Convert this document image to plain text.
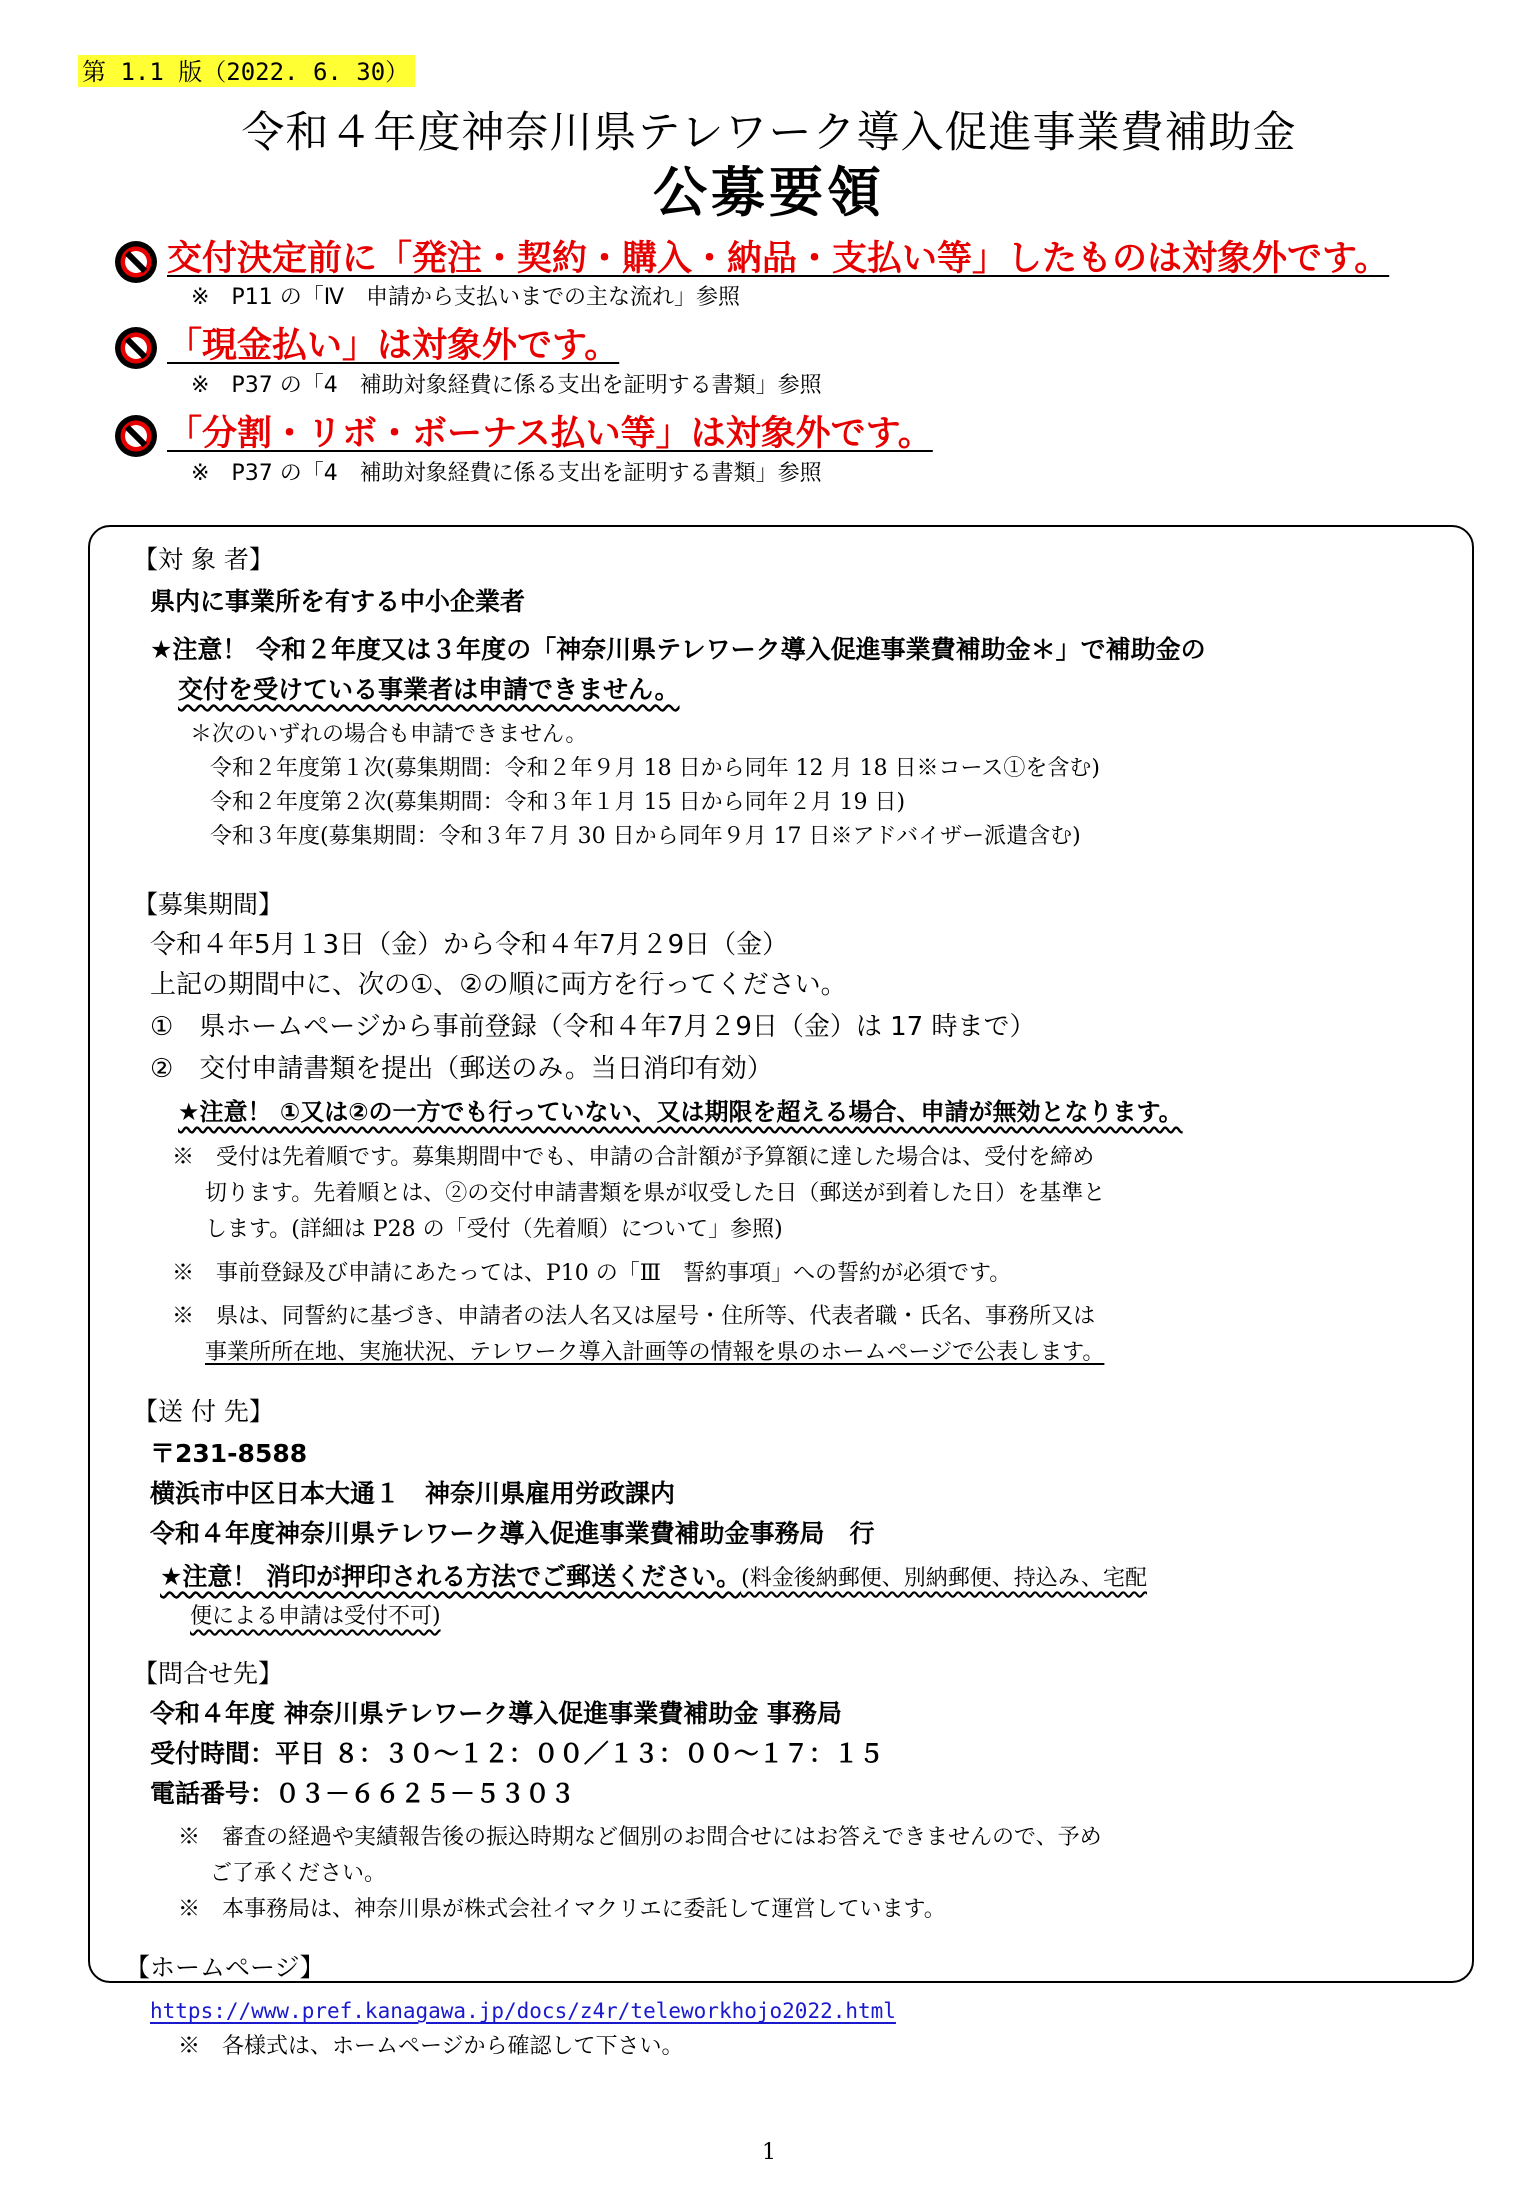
第 1.1 版（2022. 6. 30）
令和４年度神奈川県テレワーク導入促進事業費補助金
公募要領
交付決定前に「発注・契約・購入・納品・支払い等」したものは対象外です。
※　P11 の「Ⅳ　申請から支払いまでの主な流れ」参照
「現金払い」は対象外です。
※　P37 の「4　補助対象経費に係る支出を証明する書類」参照
「分割・リボ・ボーナス払い等」は対象外です。
※　P37 の「4　補助対象経費に係る支出を証明する書類」参照
【対 象 者】
県内に事業所を有する中小企業者
★注意！ 令和２年度又は３年度の「神奈川県テレワーク導入促進事業費補助金＊」で補助金の
交付を受けている事業者は申請できません。
＊次のいずれの場合も申請できません。
令和２年度第１次(募集期間：令和２年９月 18 日から同年 12 月 18 日※コース①を含む)
令和２年度第２次(募集期間：令和３年１月 15 日から同年２月 19 日)
令和３年度(募集期間：令和３年７月 30 日から同年９月 17 日※アドバイザー派遣含む)
【募集期間】
令和４年5月１3日（金）から令和４年7月２9日（金）
上記の期間中に、次の①、②の順に両方を行ってください。
①　県ホームページから事前登録（令和４年7月２9日（金）は 17 時まで）
②　交付申請書類を提出（郵送のみ。当日消印有効）
★注意！ ①又は②の一方でも行っていない、又は期限を超える場合、申請が無効となります。
※　受付は先着順です。募集期間中でも、申請の合計額が予算額に達した場合は、受付を締め
切ります。先着順とは、②の交付申請書類を県が収受した日（郵送が到着した日）を基準と
します。(詳細は P28 の「受付（先着順）について」参照)
※　事前登録及び申請にあたっては、P10 の「Ⅲ　誓約事項」への誓約が必須です。
※　県は、同誓約に基づき、申請者の法人名又は屋号・住所等、代表者職・氏名、事務所又は
事業所所在地、実施状況、テレワーク導入計画等の情報を県のホームページで公表します。
【送 付 先】
〒231-8588
横浜市中区日本大通１　神奈川県雇用労政課内
令和４年度神奈川県テレワーク導入促進事業費補助金事務局　行
★注意！ 消印が押印される方法でご郵送ください。(料金後納郵便、別納郵便、持込み、宅配
便による申請は受付不可)
【問合せ先】
令和４年度 神奈川県テレワーク導入促進事業費補助金 事務局
受付時間：平日 ８：３０～１２：００／１３：００～１７：１５
電話番号：０３－６６２５－５３０３
※　審査の経過や実績報告後の振込時期など個別のお問合せにはお答えできませんので、予め
ご了承ください。
※　本事務局は、神奈川県が株式会社イマクリエに委託して運営しています。
【ホームページ】
https://www.pref.kanagawa.jp/docs/z4r/teleworkhojo2022.html
※　各様式は、ホームページから確認して下さい。
1
